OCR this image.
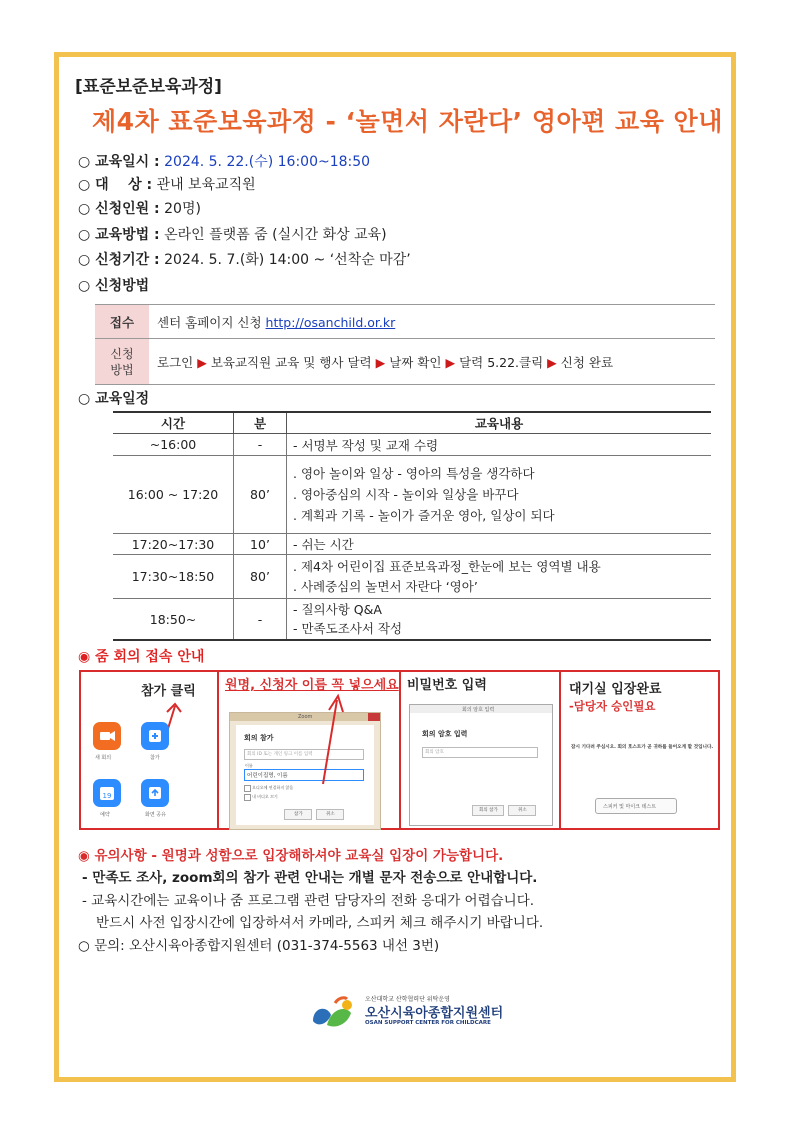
[표준보준보육과정]
제4차 표준보육과정 - ‘놀면서 자란다’ 영아편 교육 안내
○ 교육일시 : 2024. 5. 22.(수) 16:00~18:50
○ 대    상 : 관내 보육교직원
○ 신청인원 : 20명)
○ 교육방법 : 온라인 플랫폼 줌 (실시간 화상 교육)
○ 신청기간 : 2024. 5. 7.(화) 14:00 ~ ‘선착순 마감’
○ 신청방법
접수	센터 홈페이지 신청 http://osanchild.or.kr
신청
방법	로그인 ▶ 보육교직원 교육 및 행사 달력 ▶ 날짜 확인 ▶ 달력 5.22.클릭 ▶ 신청 완료
○ 교육일정
시간	분	교육내용
~16:00	-	- 서명부 작성 및 교재 수령
16:00 ~ 17:20	80’	. 영아 놀이와 일상 - 영아의 특성을 생각하다
. 영아중심의 시작 - 놀이와 일상을 바꾸다
. 계획과 기록 - 놀이가 즐거운 영아, 일상이 되다

17:20~17:30	10’	- 쉬는 시간
17:30~18:50	80’	. 제4차 어린이집 표준보육과정_한눈에 보는 영역별 내용
. 사례중심의 놀면서 자란다 ‘영아’

18:50~	-	- 질의사항 Q&A
- 만족도조사서 작성
◉ 줌 회의 접속 안내
참가 클릭
새 회의	참가
19
예약	화면 공유
원명, 신청자 이름 꼭 넣으세요
Zoom
회의 참가
회의 ID 또는 개인 링크 이름 입력
이름
어린이집명, 이름
오디오에 연결하지 않음
내 비디오 끄기
참가	취소
비밀번호 입력
회의 암호 입력
회의 암호 입력
회의 암호
회의 참가	취소
대기실 입장완료
-담당자 승인필요
잠시 기다려 주십시오. 회의 호스트가 곧 귀하를 들어오게 할 것입니다.
스피커 및 마이크 테스트
◉ 유의사항 - 원명과 성함으로 입장해하셔야 교육실 입장이 가능합니다.
- 만족도 조사, zoom회의 참가 관련 안내는 개별 문자 전송으로 안내합니다.
- 교육시간에는 교육이나 줌 프로그램 관련 담당자의 전화 응대가 어렵습니다.
반드시 사전 입장시간에 입장하셔서 카메라, 스피커 체크 해주시기 바랍니다.
○ 문의: 오산시육아종합지원센터 (031-374-5563 내선 3번)
오산대학교 산학협력단 위탁운영
오산시육아종합지원센터
OSAN SUPPORT CENTER FOR CHILDCARE
